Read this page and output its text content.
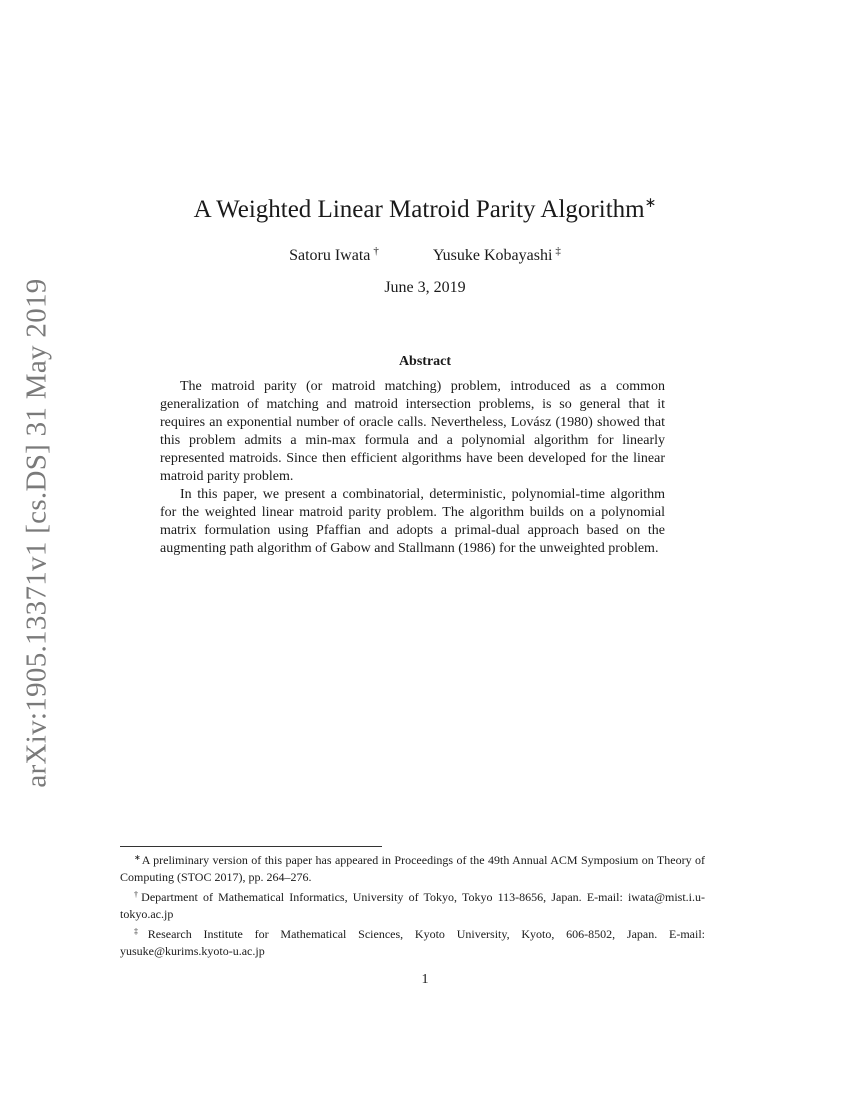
arXiv:1905.13371v1 [cs.DS] 31 May 2019
A Weighted Linear Matroid Parity Algorithm∗
Satoru Iwata †	Yusuke Kobayashi ‡
June 3, 2019
Abstract

The matroid parity (or matroid matching) problem, introduced as a common generalization of matching and matroid intersection problems, is so general that it requires an exponential number of oracle calls. Nevertheless, Lovász (1980) showed that this problem admits a min-max formula and a polynomial algorithm for linearly represented matroids. Since then efficient algorithms have been developed for the linear matroid parity problem.

In this paper, we present a combinatorial, deterministic, polynomial-time algorithm for the weighted linear matroid parity problem. The algorithm builds on a polynomial matrix formulation using Pfaffian and adopts a primal-dual approach based on the augmenting path algorithm of Gabow and Stallmann (1986) for the unweighted problem.

∗A preliminary version of this paper has appeared in Proceedings of the 49th Annual ACM Symposium on Theory of Computing (STOC 2017), pp. 264–276.

†Department of Mathematical Informatics, University of Tokyo, Tokyo 113-8656, Japan. E-mail: iwata@mist.i.u-tokyo.ac.jp

‡Research Institute for Mathematical Sciences, Kyoto University, Kyoto, 606-8502, Japan. E-mail: yusuke@kurims.kyoto-u.ac.jp

1
